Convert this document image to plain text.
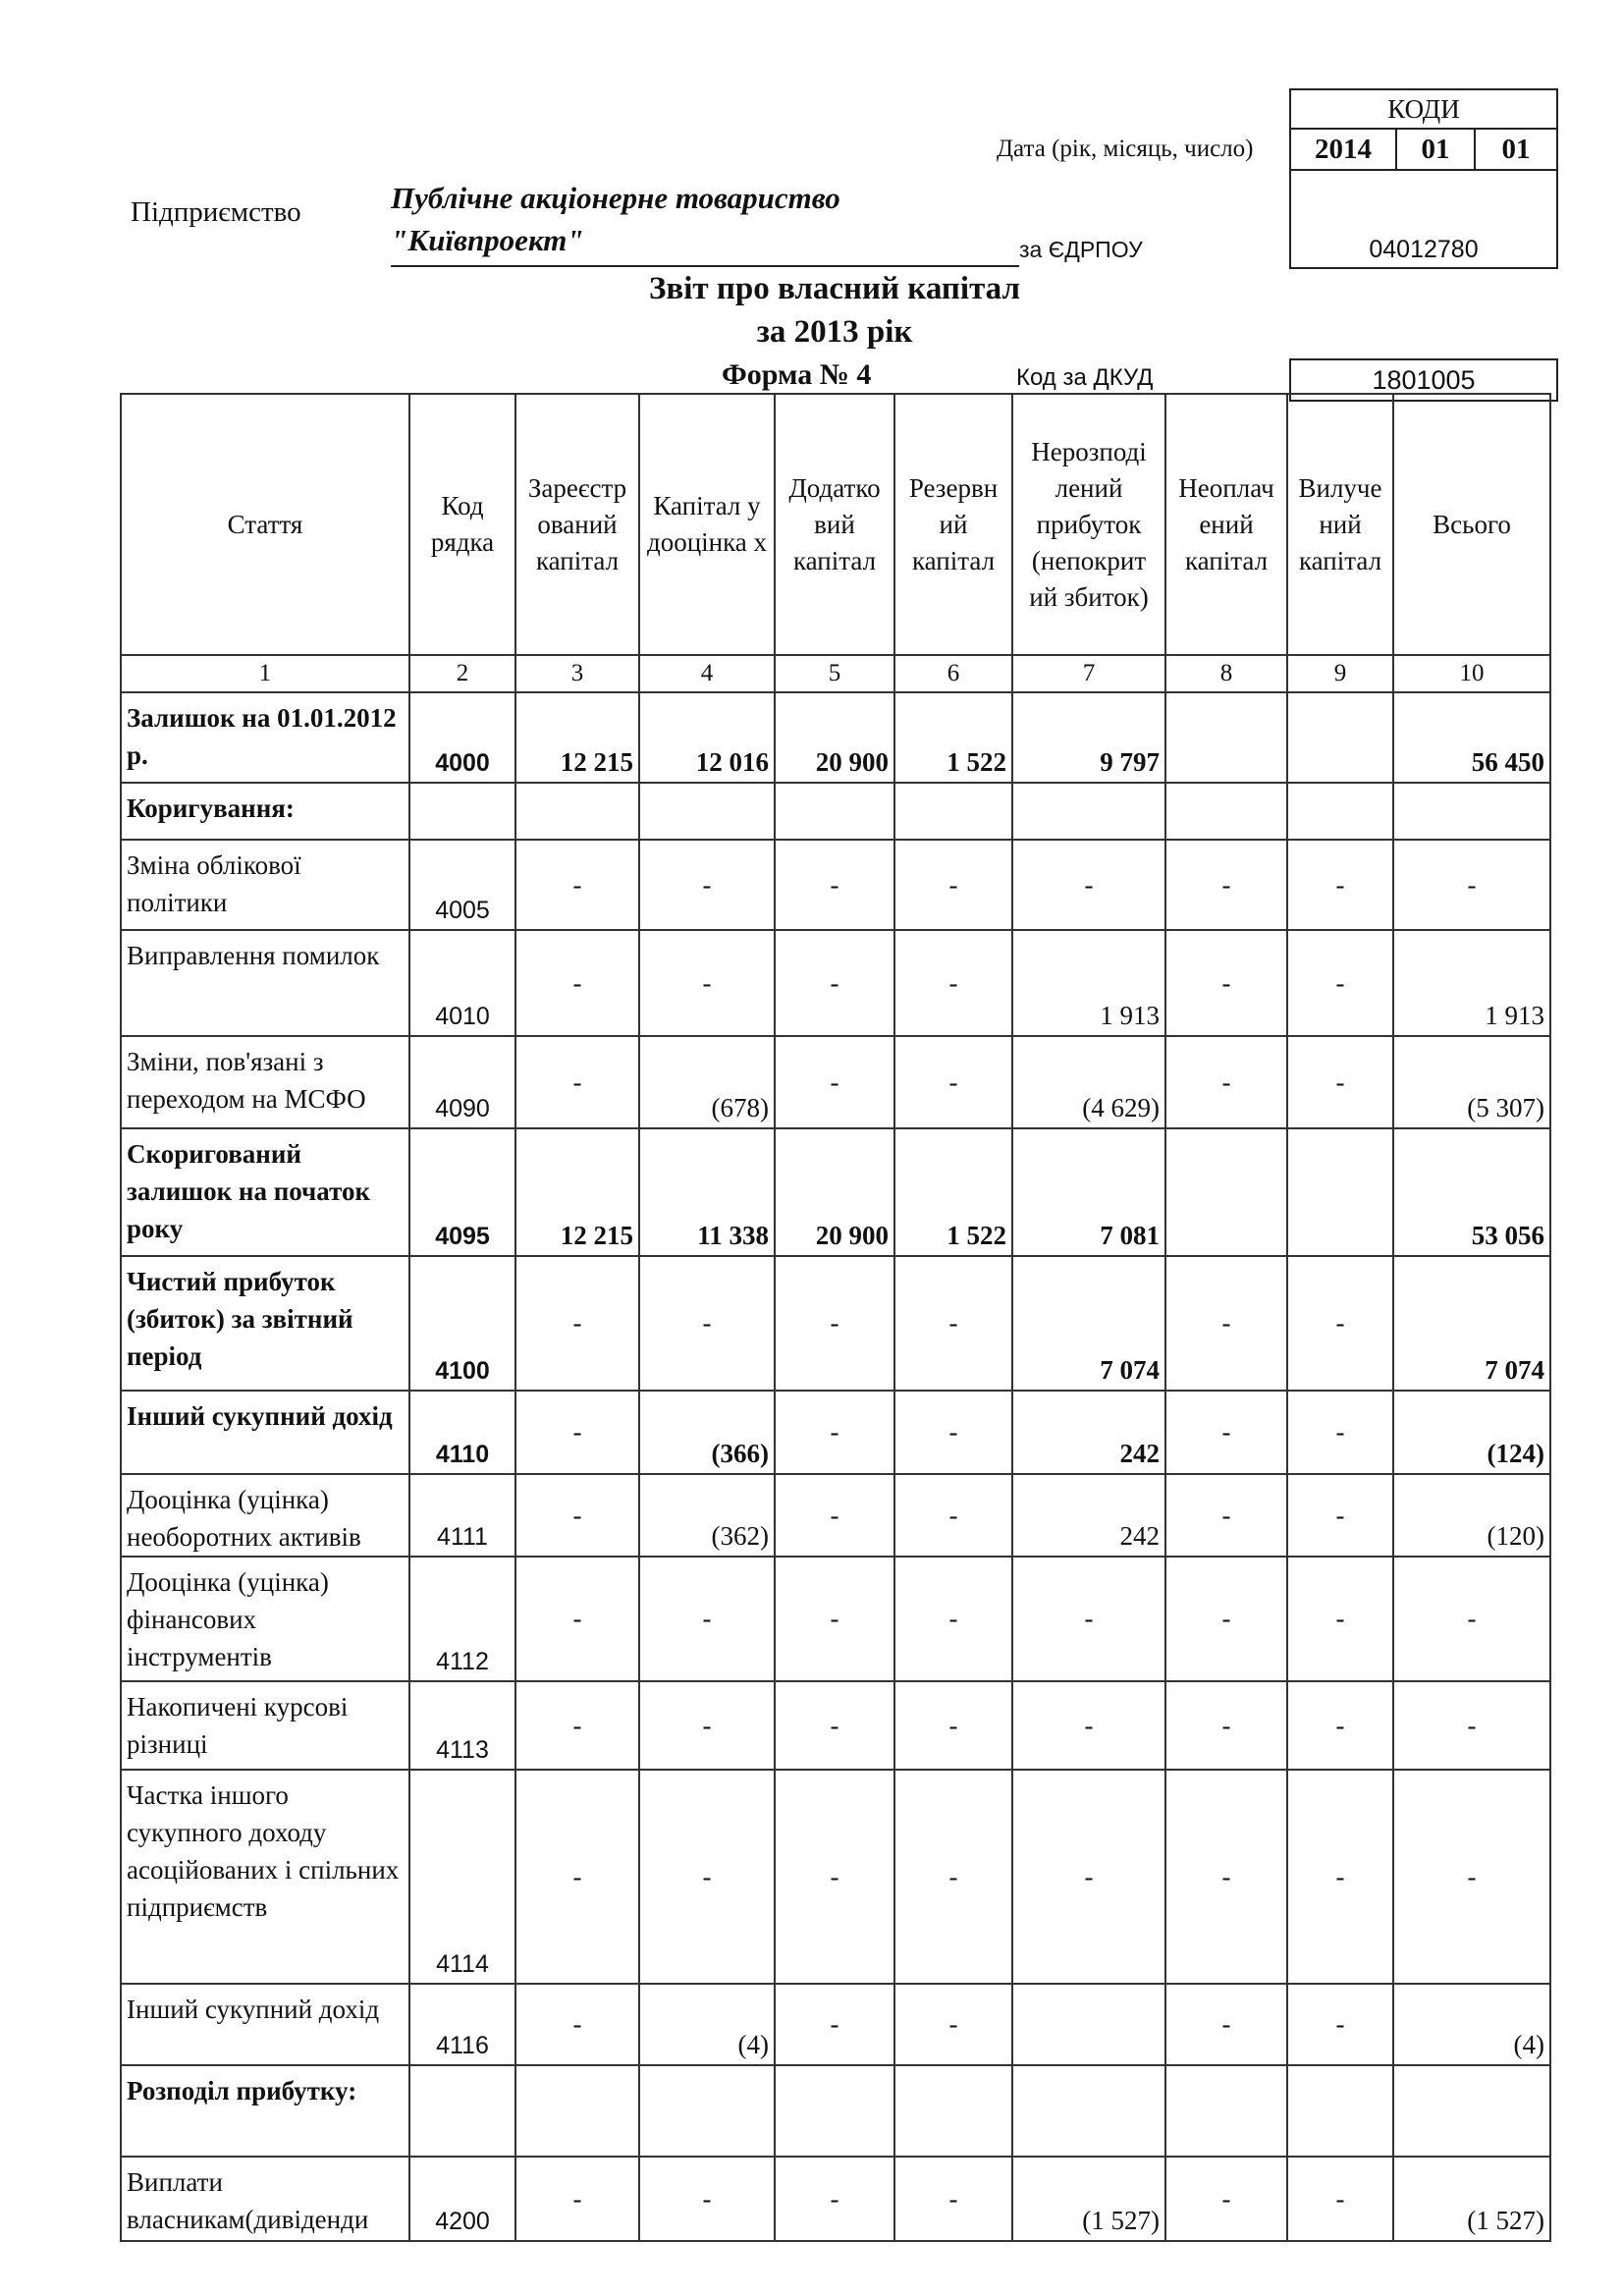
КОДИ
2014	01	01
04012780
Дата (рік, місяць, число)
Підприємство	Публічне акціонерне товариство
"Київпроект"	за ЄДРПОУ
Звіт про власний капітал
за 2013 рік
Форма № 4	Код за ДКУД	1801005
Стаття	Код рядка	Зареєстр ований капітал	Капітал у дооцінка х	Додатко вий капітал	Резервн ий капітал	Нерозподі лений прибуток (непокрит ий збиток)	Неоплач ений капітал	Вилуче ний капітал	Всього
1	2	3	4	5	6	7	8	9	10
Залишок на 01.01.2012 р.	4000	12 215	12 016	20 900	1 522	9 797			56 450
Коригування:									
Зміна облікової політики	4005	-	-	-	-	-	-	-	-
Виправлення помилок	4010	-	-	-	-	1 913	-	-	1 913
Зміни, пов'язані з переходом на МСФО	4090	-	(678)	-	-	(4 629)	-	-	(5 307)
Скоригований залишок на початок року	4095	12 215	11 338	20 900	1 522	7 081			53 056
Чистий прибуток (збиток) за звітний період	4100	-	-	-	-	7 074	-	-	7 074
Інший сукупний дохід	4110	-	(366)	-	-	242	-	-	(124)
Дооцінка (уцінка) необоротних активів	4111	-	(362)	-	-	242	-	-	(120)
Дооцінка (уцінка) фінансових інструментів	4112	-	-	-	-	-	-	-	-
Накопичені курсові різниці	4113	-	-	-	-	-	-	-	-
Частка іншого сукупного доходу асоційованих і спільних підприємств	4114	-	-	-	-	-	-	-	-
Інший сукупний дохід	4116	-	(4)	-	-		-	-	(4)
Розподіл прибутку:									
Виплати власникам(дивіденди	4200	-	-	-	-	(1 527)	-	-	(1 527)
